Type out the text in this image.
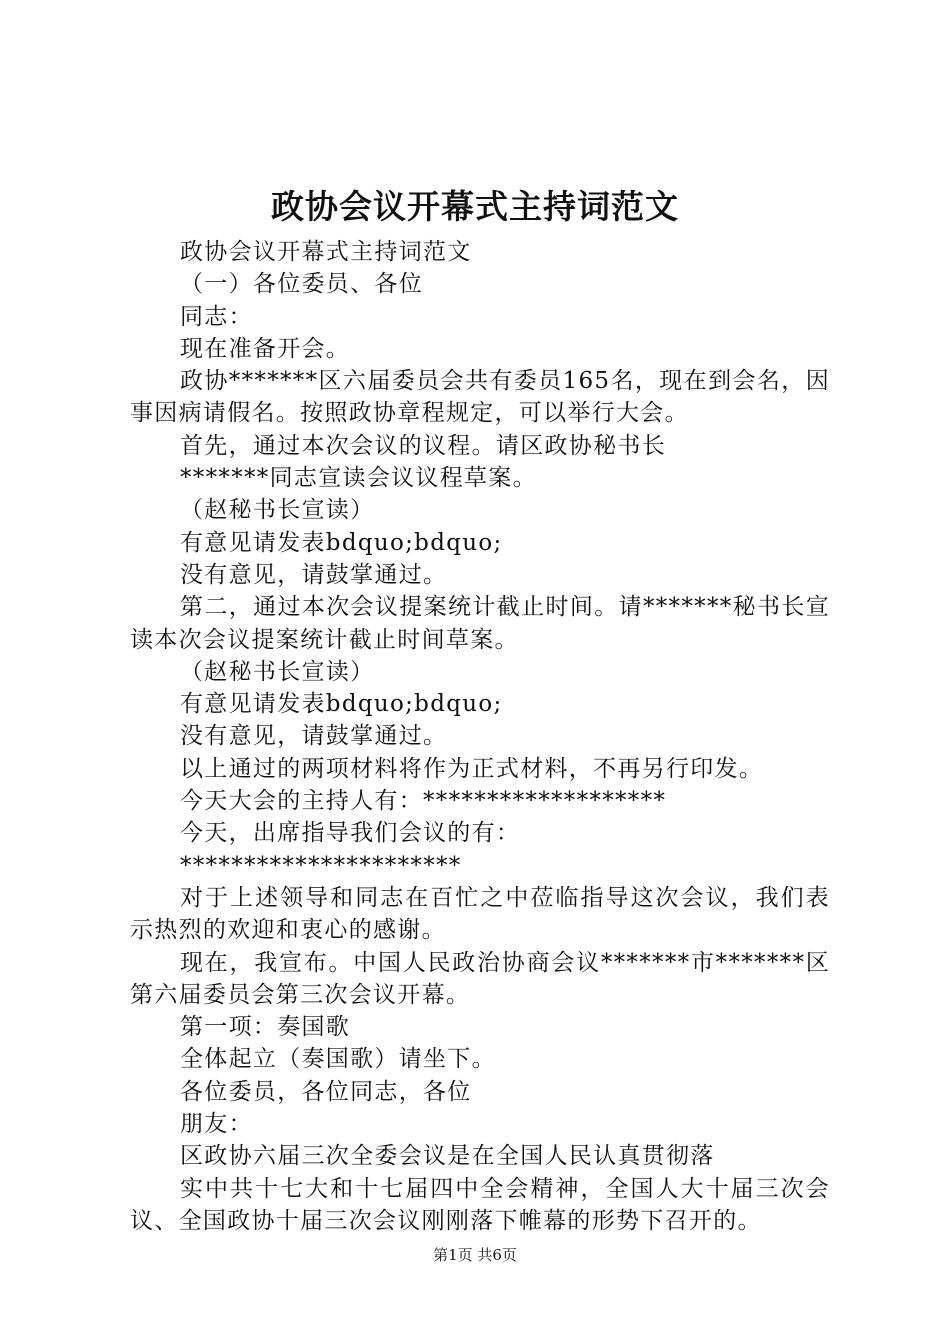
政协会议开幕式主持词范文

政协会议开幕式主持词范文

（一）各位委员、各位

同志：

现在准备开会。

政协*******区六届委员会共有委员165名，现在到会名，因事因病请假名。按照政协章程规定，可以举行大会。

首先，通过本次会议的议程。请区政协秘书长

*******同志宣读会议议程草案。

（赵秘书长宣读）

有意见请发表bdquo;bdquo;

没有意见，请鼓掌通过。

第二，通过本次会议提案统计截止时间。请*******秘书长宣读本次会议提案统计截止时间草案。

（赵秘书长宣读）

有意见请发表bdquo;bdquo;

没有意见，请鼓掌通过。

以上通过的两项材料将作为正式材料，不再另行印发。

今天大会的主持人有：*******************

今天，出席指导我们会议的有：

**********************

对于上述领导和同志在百忙之中莅临指导这次会议，我们表示热烈的欢迎和衷心的感谢。

现在，我宣布。中国人民政治协商会议*******市*******区第六届委员会第三次会议开幕。

第一项：奏国歌

全体起立（奏国歌）请坐下。

各位委员，各位同志，各位

朋友：

区政协六届三次全委会议是在全国人民认真贯彻落

实中共十七大和十七届四中全会精神，全国人大十届三次会议、全国政协十届三次会议刚刚落下帷幕的形势下召开的。

第1页 共6页
